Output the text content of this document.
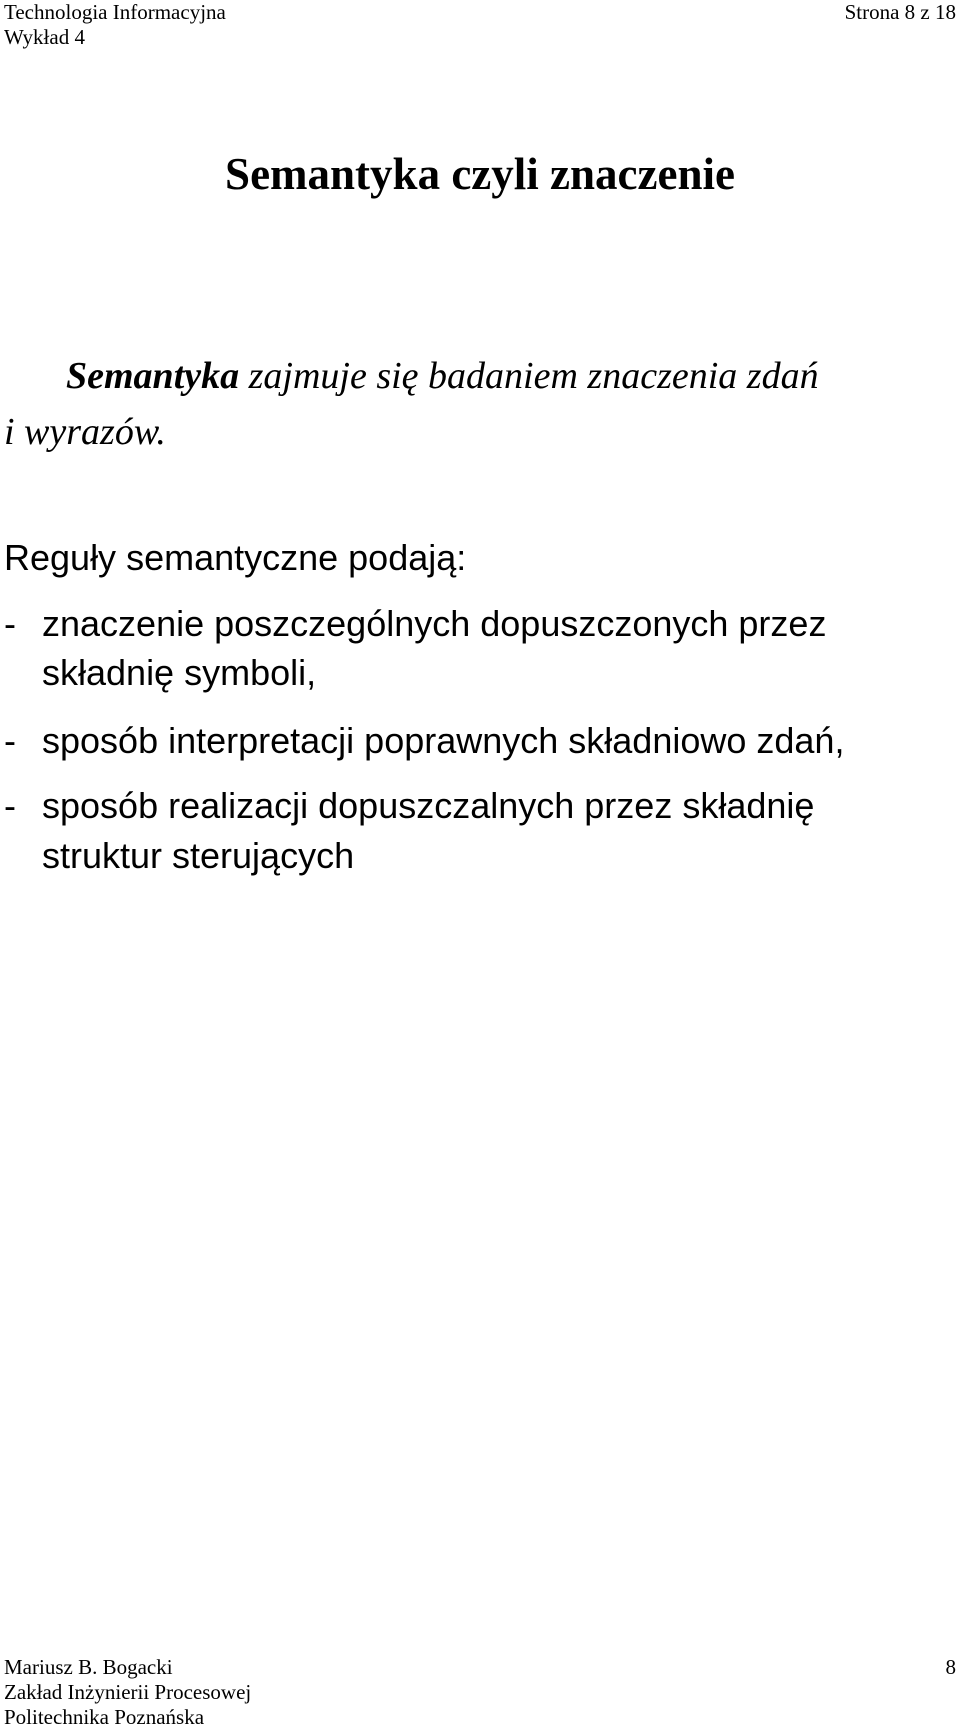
Technologia Informacyjna
Wykład 4
Strona 8 z 18
Semantyka czyli znaczenie
Semantyka zajmuje się badaniem znaczenia zdań
i wyrazów.
Reguły semantyczne podają:
- znaczenie poszczególnych dopuszczonych przez
składnię symboli,
- sposób interpretacji poprawnych składniowo zdań,
- sposób realizacji dopuszczalnych przez składnię
struktur sterujących
Mariusz B. Bogacki
Zakład Inżynierii Procesowej
Politechnika Poznańska
8
